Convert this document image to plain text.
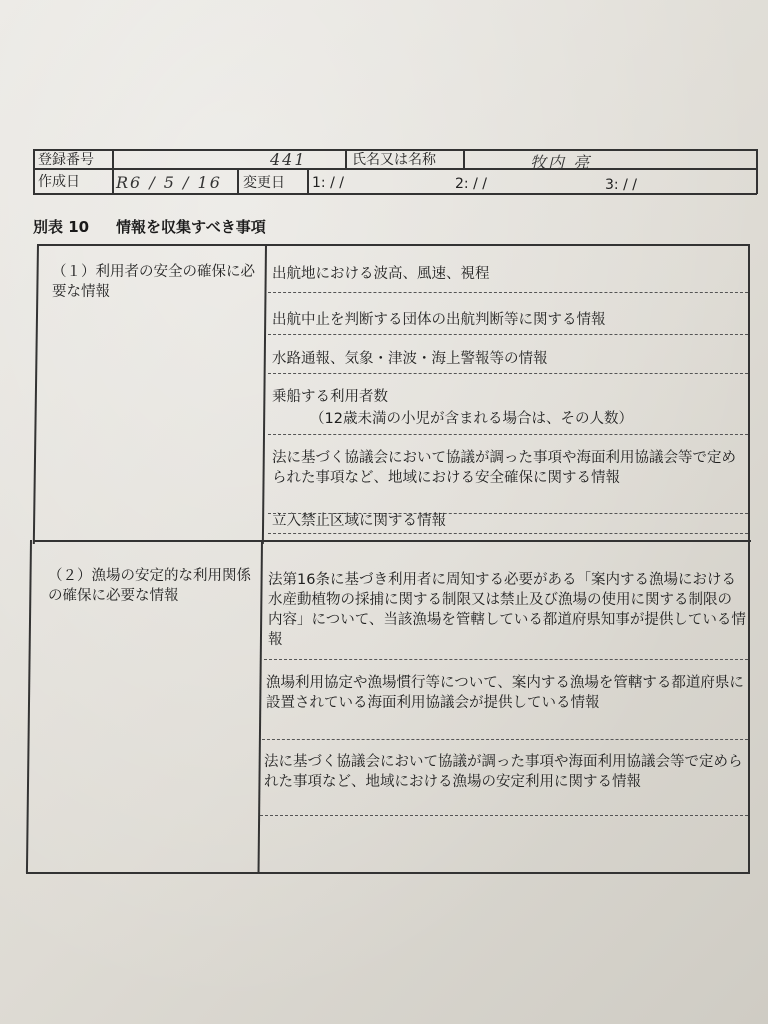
登録番号	441	氏名又は名称	牧内 亮
作成日 R6 / 5 / 16 変更日 1: / /	2: / /	3: / /
別表 10 情報を収集すべき事項
（１）利用者の安全の確保に必要な情報
出航地における波高、風速、視程
出航中止を判断する団体の出航判断等に関する情報
水路通報、気象・津波・海上警報等の情報
乗船する利用者数
（12歳未満の小児が含まれる場合は、その人数）
法に基づく協議会において協議が調った事項や海面利用協議会等で定められた事項など、地域における安全確保に関する情報
立入禁止区域に関する情報
（２）漁場の安定的な利用関係の確保に必要な情報
法第16条に基づき利用者に周知する必要がある「案内する漁場における水産動植物の採捕に関する制限又は禁止及び漁場の使用に関する制限の内容」について、当該漁場を管轄している都道府県知事が提供している情報
漁場利用協定や漁場慣行等について、案内する漁場を管轄する都道府県に設置されている海面利用協議会が提供している情報
法に基づく協議会において協議が調った事項や海面利用協議会等で定められた事項など、地域における漁場の安定利用に関する情報
